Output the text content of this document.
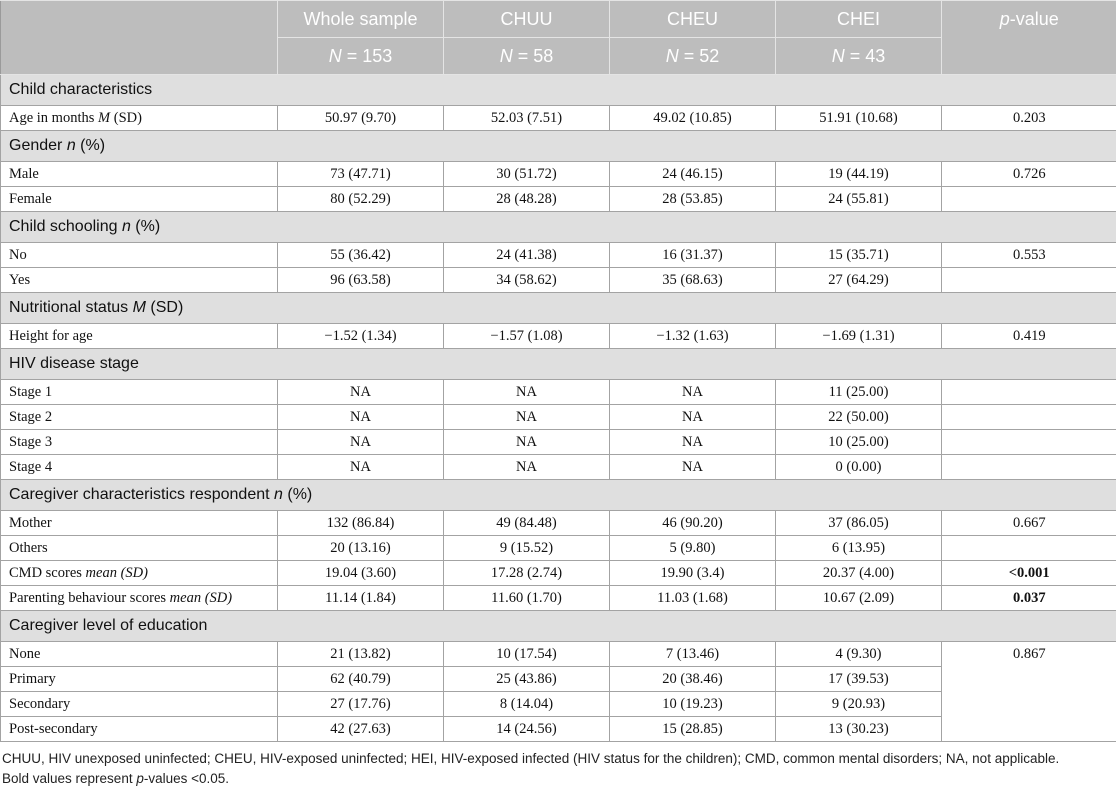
	Whole sample	CHUU	CHEU	CHEI	p-value
	N = 153	N = 58	N = 52	N = 43	
Child characteristics					
Age in months M (SD)	50.97 (9.70)	52.03 (7.51)	49.02 (10.85)	51.91 (10.68)	0.203
Gender n (%)					
Male	73 (47.71)	30 (51.72)	24 (46.15)	19 (44.19)	0.726
Female	80 (52.29)	28 (48.28)	28 (53.85)	24 (55.81)	
Child schooling n (%)					
No	55 (36.42)	24 (41.38)	16 (31.37)	15 (35.71)	0.553
Yes	96 (63.58)	34 (58.62)	35 (68.63)	27 (64.29)	
Nutritional status M (SD)					
Height for age	−1.52 (1.34)	−1.57 (1.08)	−1.32 (1.63)	−1.69 (1.31)	0.419
HIV disease stage					
Stage 1	NA	NA	NA	11 (25.00)	
Stage 2	NA	NA	NA	22 (50.00)	
Stage 3	NA	NA	NA	10 (25.00)	
Stage 4	NA	NA	NA	0 (0.00)	
Caregiver characteristics respondent n (%)					
Mother	132 (86.84)	49 (84.48)	46 (90.20)	37 (86.05)	0.667
Others	20 (13.16)	9 (15.52)	5 (9.80)	6 (13.95)	
CMD scores mean (SD)	19.04 (3.60)	17.28 (2.74)	19.90 (3.4)	20.37 (4.00)	<0.001
Parenting behaviour scores mean (SD)	11.14 (1.84)	11.60 (1.70)	11.03 (1.68)	10.67 (2.09)	0.037
Caregiver level of education					
None	21 (13.82)	10 (17.54)	7 (13.46)	4 (9.30)	0.867
Primary	62 (40.79)	25 (43.86)	20 (38.46)	17 (39.53)	
Secondary	27 (17.76)	8 (14.04)	10 (19.23)	9 (20.93)	
Post-secondary	42 (27.63)	14 (24.56)	15 (28.85)	13 (30.23)	
CHUU, HIV unexposed uninfected; CHEU, HIV-exposed uninfected; HEI, HIV-exposed infected (HIV status for the children); CMD, common mental disorders; NA, not applicable.
Bold values represent p-values <0.05.
